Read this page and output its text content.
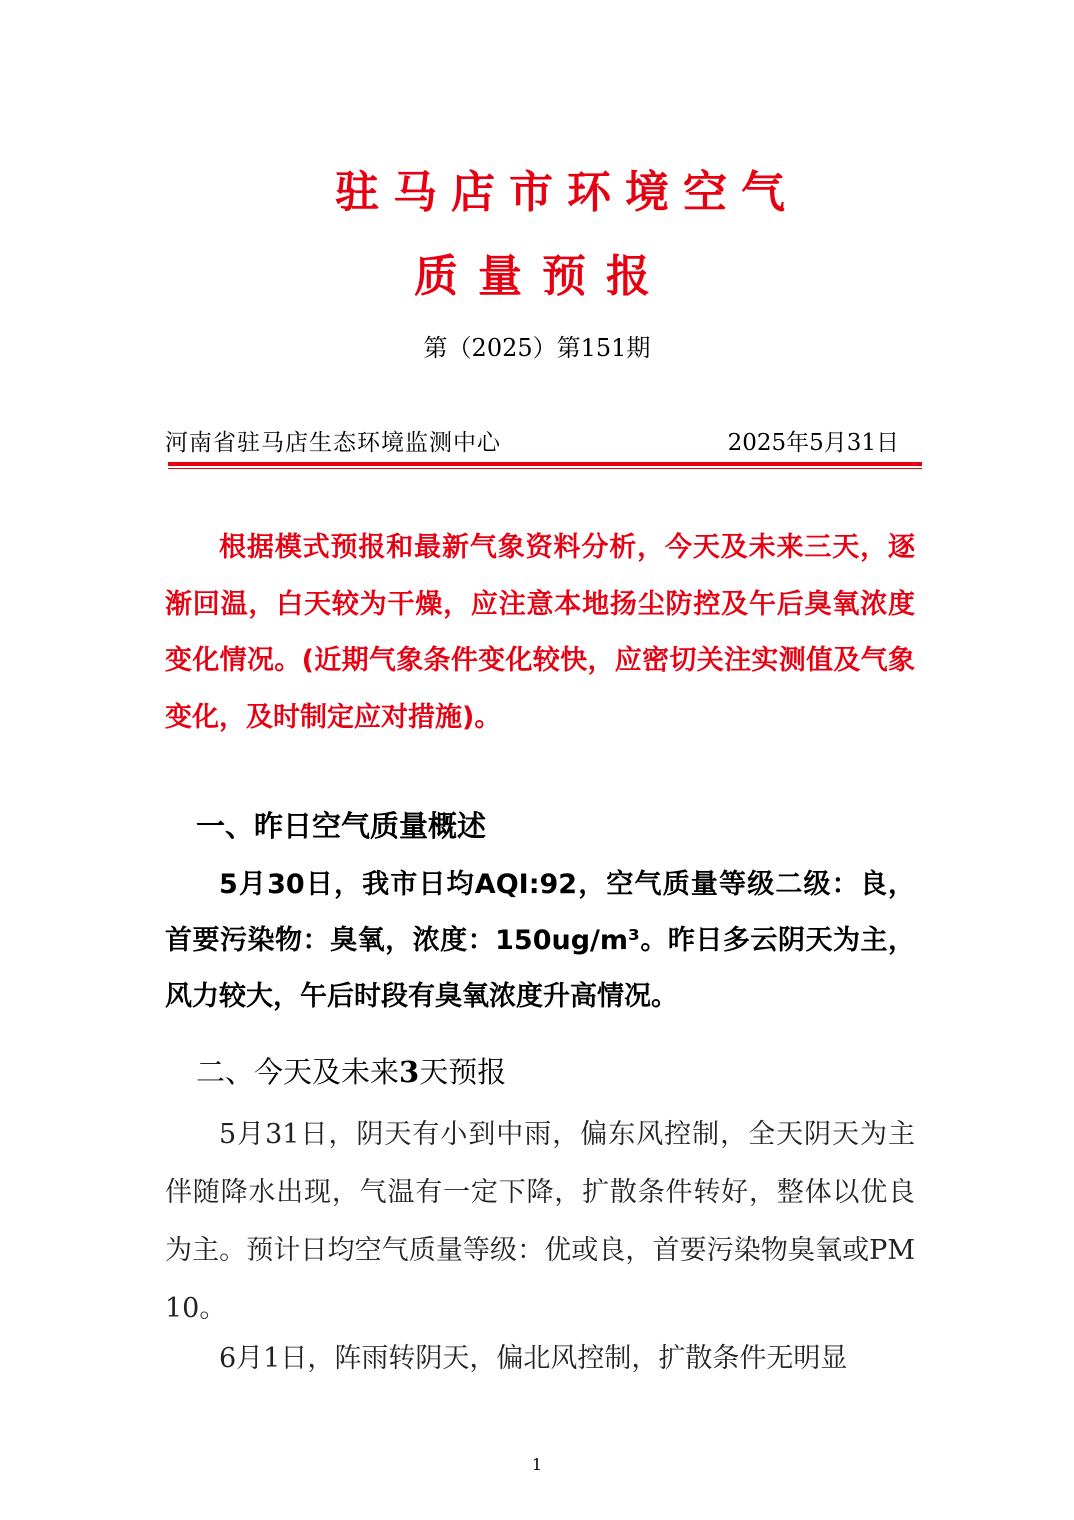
驻马店市环境空气
质量预报
第（2025）第151期
河南省驻马店生态环境监测中心	2025年5月31日
根据模式预报和最新气象资料分析，今天及未来三天，逐渐回温，白天较为干燥，应注意本地扬尘防控及午后臭氧浓度变化情况。(近期气象条件变化较快，应密切关注实测值及气象变化，及时制定应对措施)。
一、昨日空气质量概述
5月30日，我市日均AQI:92，空气质量等级二级：良，首要污染物：臭氧，浓度：150ug/m³。昨日多云阴天为主，风力较大，午后时段有臭氧浓度升高情况。
二、今天及未来3天预报
5月31日，阴天有小到中雨，偏东风控制，全天阴天为主伴随降水出现，气温有一定下降，扩散条件转好，整体以优良为主。预计日均空气质量等级：优或良，首要污染物臭氧或PM10。
6月1日，阵雨转阴天，偏北风控制，扩散条件无明显
1
